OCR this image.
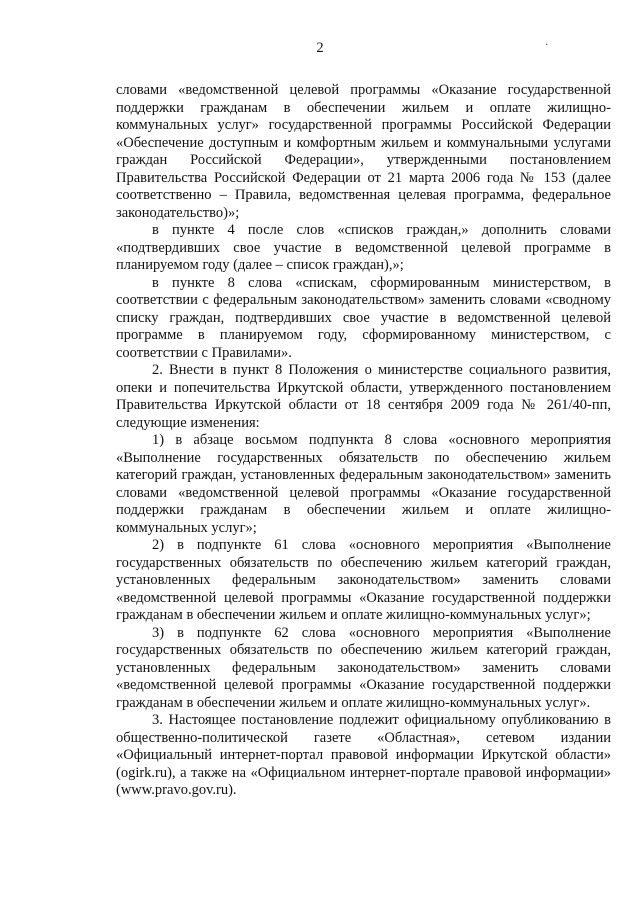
2	·

словами «ведомственной целевой программы «Оказание государственной поддержки гражданам в обеспечении жильем и оплате жилищно-коммунальных услуг» государственной программы Российской Федерации «Обеспечение доступным и комфортным жильем и коммунальными услугами граждан Российской Федерации», утвержденными постановлением Правительства Российской Федерации от 21 марта 2006 года № 153 (далее соответственно – Правила, ведомственная целевая программа, федеральное законодательство)»;

в пункте 4 после слов «списков граждан,» дополнить словами «подтвердивших свое участие в ведомственной целевой программе в планируемом году (далее – список граждан),»;

в пункте 8 слова «спискам, сформированным министерством, в соответствии с федеральным законодательством» заменить словами «сводному списку граждан, подтвердивших свое участие в ведомственной целевой программе в планируемом году, сформированному министерством, с соответствии с Правилами».

2. Внести в пункт 8 Положения о министерстве социального развития, опеки и попечительства Иркутской области, утвержденного постановлением Правительства Иркутской области от 18 сентября 2009 года № 261/40-пп, следующие изменения:

1) в абзаце восьмом подпункта 8 слова «основного мероприятия «Выполнение государственных обязательств по обеспечению жильем категорий граждан, установленных федеральным законодательством» заменить словами «ведомственной целевой программы «Оказание государственной поддержки гражданам в обеспечении жильем и оплате жилищно-коммунальных услуг»;

2) в подпункте 61 слова «основного мероприятия «Выполнение государственных обязательств по обеспечению жильем категорий граждан, установленных федеральным законодательством» заменить словами «ведомственной целевой программы «Оказание государственной поддержки гражданам в обеспечении жильем и оплате жилищно-коммунальных услуг»;

3) в подпункте 62 слова «основного мероприятия «Выполнение государственных обязательств по обеспечению жильем категорий граждан, установленных федеральным законодательством» заменить словами «ведомственной целевой программы «Оказание государственной поддержки гражданам в обеспечении жильем и оплате жилищно-коммунальных услуг».

3. Настоящее постановление подлежит официальному опубликованию в общественно-политической газете «Областная», сетевом издании «Официальный интернет-портал правовой информации Иркутской области» (ogirk.ru), а также на «Официальном интернет-портале правовой информации» (www.pravo.gov.ru).
